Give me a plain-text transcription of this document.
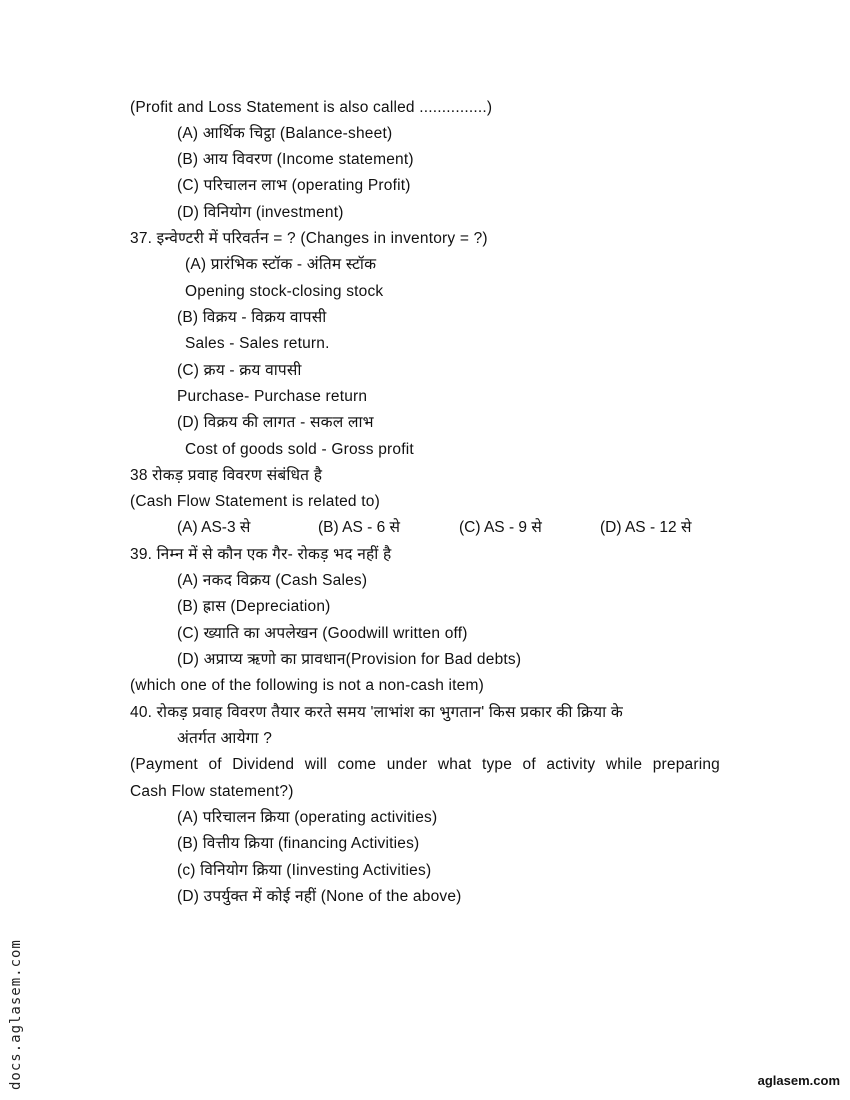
(Profit and Loss Statement is also called ...............)
(A) आर्थिक चिट्ठा (Balance-sheet)
(B) आय विवरण (Income statement)
(C) परिचालन लाभ (operating Profit)
(D) विनियोग (investment)
37. इन्वेण्टरी में परिवर्तन = ? (Changes in inventory = ?)
(A) प्रारंभिक स्टॉक - अंतिम स्टॉक
Opening stock-closing stock
(B) विक्रय - विक्रय वापसी
Sales - Sales return.
(C) क्रय - क्रय वापसी
Purchase- Purchase return
(D) विक्रय की लागत - सकल लाभ
Cost of goods sold - Gross profit
38 रोकड़ प्रवाह विवरण संबंधित है
(Cash Flow Statement is related to)
(A) AS-3 से	(B) AS - 6 से	(C) AS - 9 से	(D) AS - 12 से
39. निम्न में से कौन एक गैर- रोकड़ भद नहीं है
(A) नकद विक्रय (Cash Sales)
(B) ह्रास (Depreciation)
(C) ख्याति का अपलेखन (Goodwill written off)
(D) अप्राप्य ऋणो का प्रावधान(Provision for Bad debts)
(which one of the following is not a non-cash item)
40. रोकड़ प्रवाह विवरण तैयार करते समय 'लाभांश का भुगतान' किस प्रकार की क्रिया के
अंतर्गत आयेगा ?
(Payment of Dividend will come under what type of activity while preparing
Cash Flow statement?)
(A) परिचालन क्रिया (operating activities)
(B) वित्तीय क्रिया (financing Activities)
(c) विनियोग क्रिया (Iinvesting Activities)
(D) उपर्युक्त में कोई नहीं (None of the above)
docs.aglasem.com	aglasem.com
